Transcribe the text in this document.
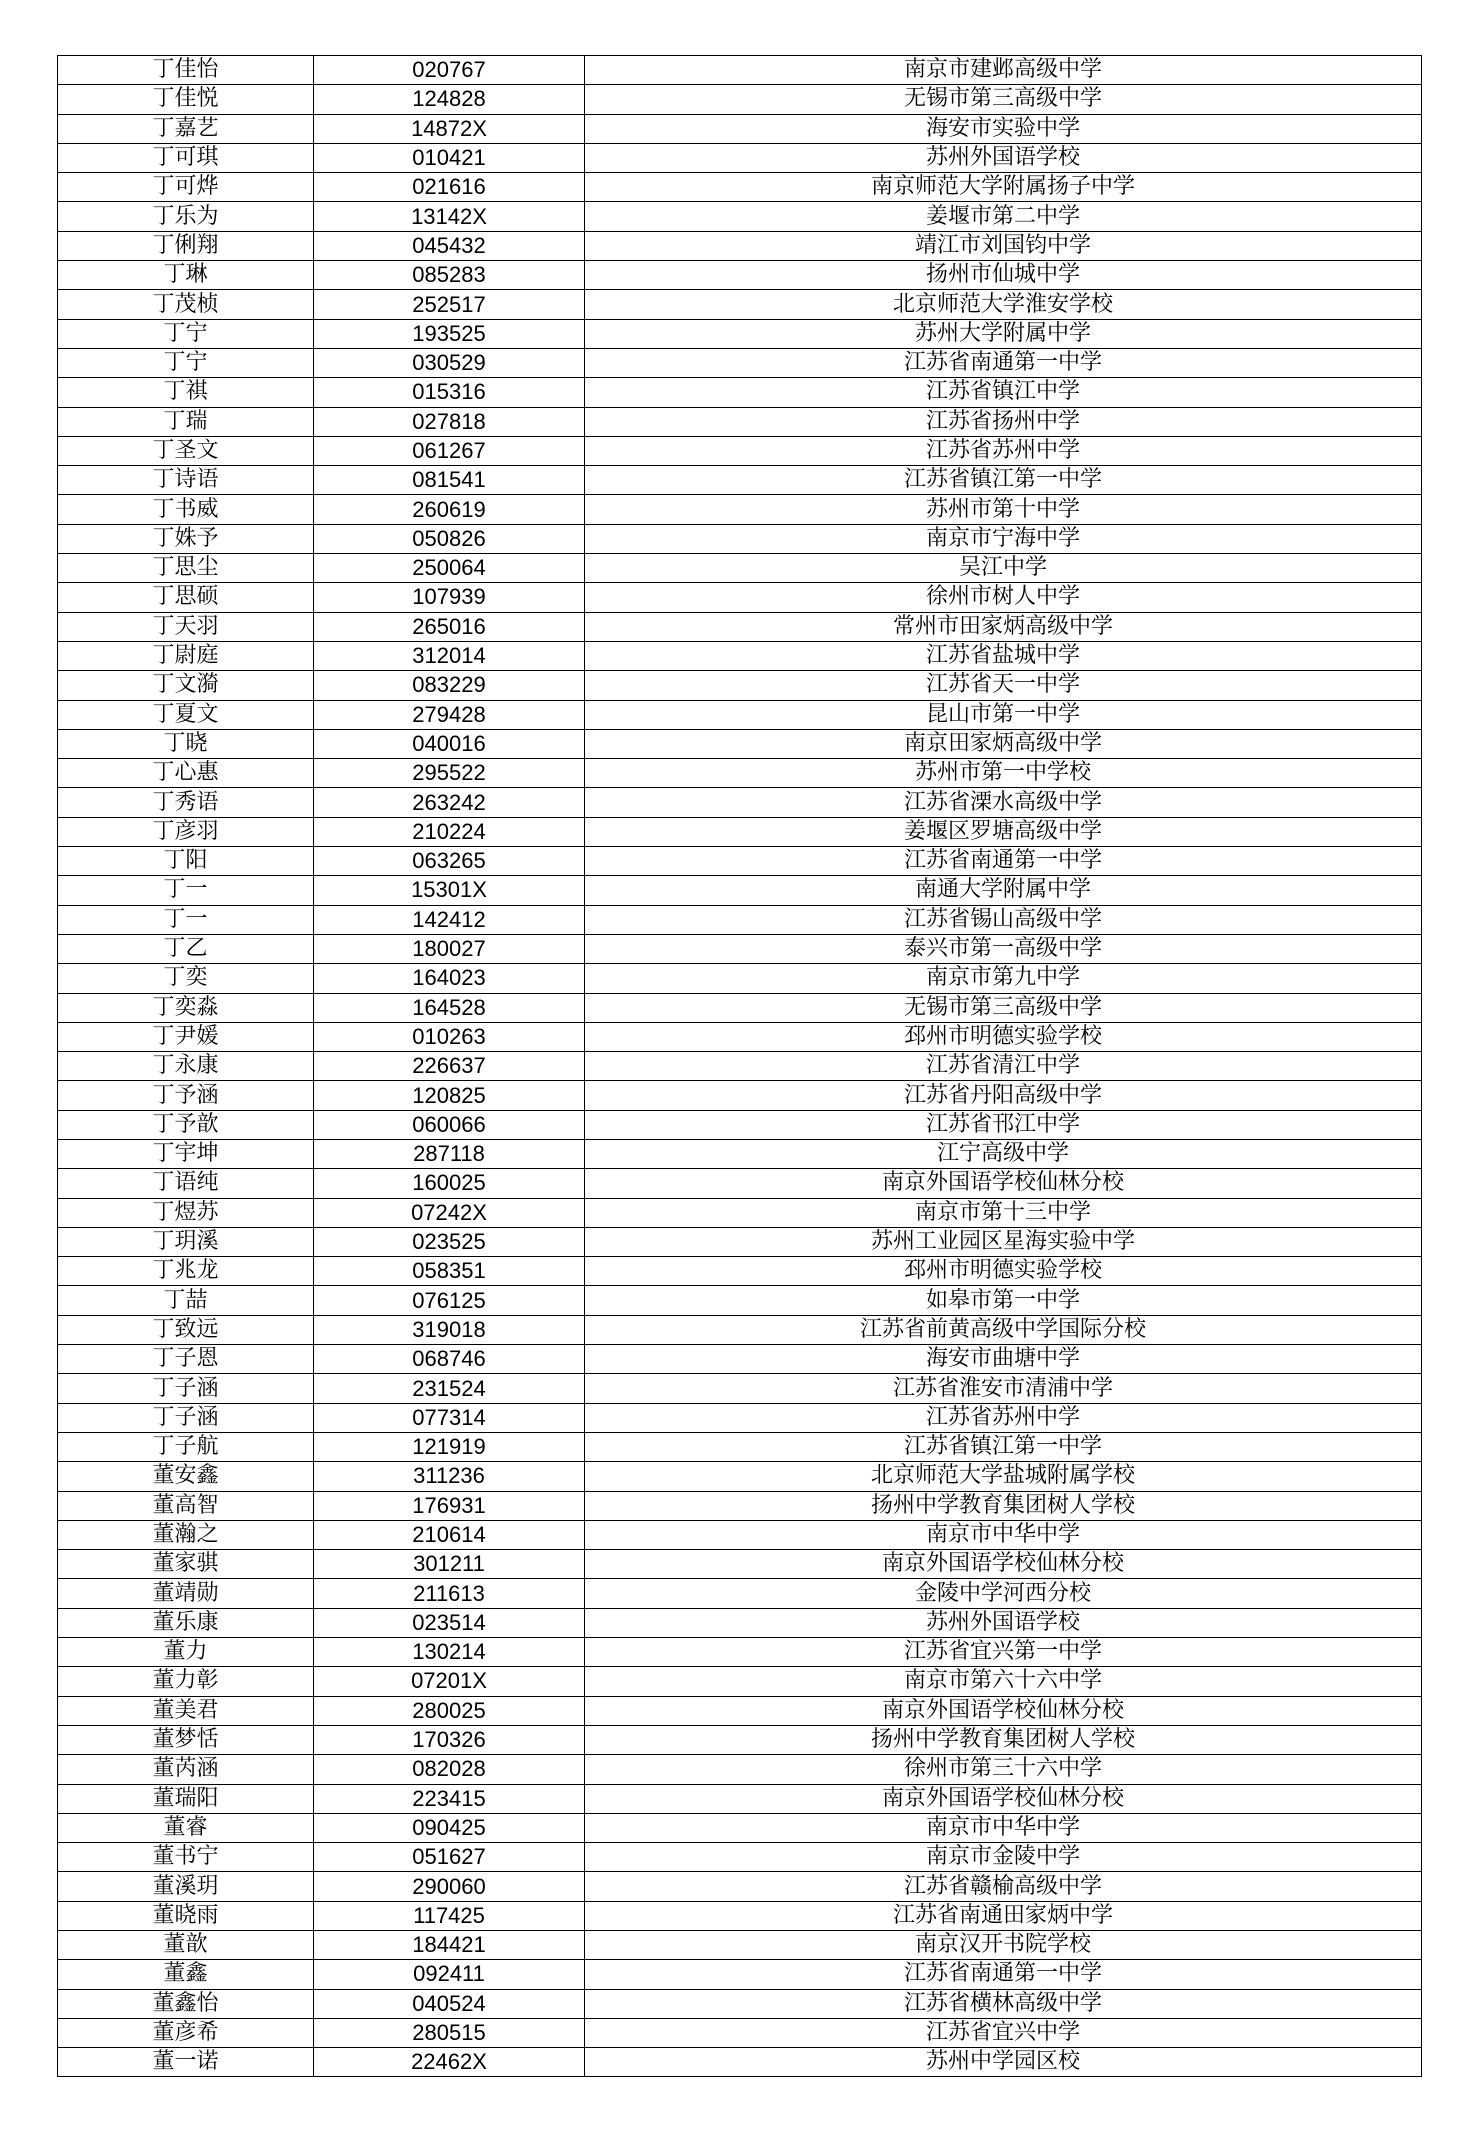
丁佳怡	020767	南京市建邺高级中学
丁佳悦	124828	无锡市第三高级中学
丁嘉艺	14872X	海安市实验中学
丁可琪	010421	苏州外国语学校
丁可烨	021616	南京师范大学附属扬子中学
丁乐为	13142X	姜堰市第二中学
丁俐翔	045432	靖江市刘国钧中学
丁琳	085283	扬州市仙城中学
丁茂桢	252517	北京师范大学淮安学校
丁宁	193525	苏州大学附属中学
丁宁	030529	江苏省南通第一中学
丁祺	015316	江苏省镇江中学
丁瑞	027818	江苏省扬州中学
丁圣文	061267	江苏省苏州中学
丁诗语	081541	江苏省镇江第一中学
丁书威	260619	苏州市第十中学
丁姝予	050826	南京市宁海中学
丁思尘	250064	吴江中学
丁思硕	107939	徐州市树人中学
丁天羽	265016	常州市田家炳高级中学
丁尉庭	312014	江苏省盐城中学
丁文漪	083229	江苏省天一中学
丁夏文	279428	昆山市第一中学
丁晓	040016	南京田家炳高级中学
丁心惠	295522	苏州市第一中学校
丁秀语	263242	江苏省溧水高级中学
丁彦羽	210224	姜堰区罗塘高级中学
丁阳	063265	江苏省南通第一中学
丁一	15301X	南通大学附属中学
丁一	142412	江苏省锡山高级中学
丁乙	180027	泰兴市第一高级中学
丁奕	164023	南京市第九中学
丁奕淼	164528	无锡市第三高级中学
丁尹媛	010263	邳州市明德实验学校
丁永康	226637	江苏省清江中学
丁予涵	120825	江苏省丹阳高级中学
丁予歆	060066	江苏省邗江中学
丁宇坤	287118	江宁高级中学
丁语纯	160025	南京外国语学校仙林分校
丁煜苏	07242X	南京市第十三中学
丁玥溪	023525	苏州工业园区星海实验中学
丁兆龙	058351	邳州市明德实验学校
丁喆	076125	如皋市第一中学
丁致远	319018	江苏省前黄高级中学国际分校
丁子恩	068746	海安市曲塘中学
丁子涵	231524	江苏省淮安市清浦中学
丁子涵	077314	江苏省苏州中学
丁子航	121919	江苏省镇江第一中学
董安鑫	311236	北京师范大学盐城附属学校
董高智	176931	扬州中学教育集团树人学校
董瀚之	210614	南京市中华中学
董家骐	301211	南京外国语学校仙林分校
董靖勋	211613	金陵中学河西分校
董乐康	023514	苏州外国语学校
董力	130214	江苏省宜兴第一中学
董力彰	07201X	南京市第六十六中学
董美君	280025	南京外国语学校仙林分校
董梦恬	170326	扬州中学教育集团树人学校
董芮涵	082028	徐州市第三十六中学
董瑞阳	223415	南京外国语学校仙林分校
董睿	090425	南京市中华中学
董书宁	051627	南京市金陵中学
董溪玥	290060	江苏省赣榆高级中学
董晓雨	117425	江苏省南通田家炳中学
董歆	184421	南京汉开书院学校
董鑫	092411	江苏省南通第一中学
董鑫怡	040524	江苏省横林高级中学
董彦希	280515	江苏省宜兴中学
董一诺	22462X	苏州中学园区校
